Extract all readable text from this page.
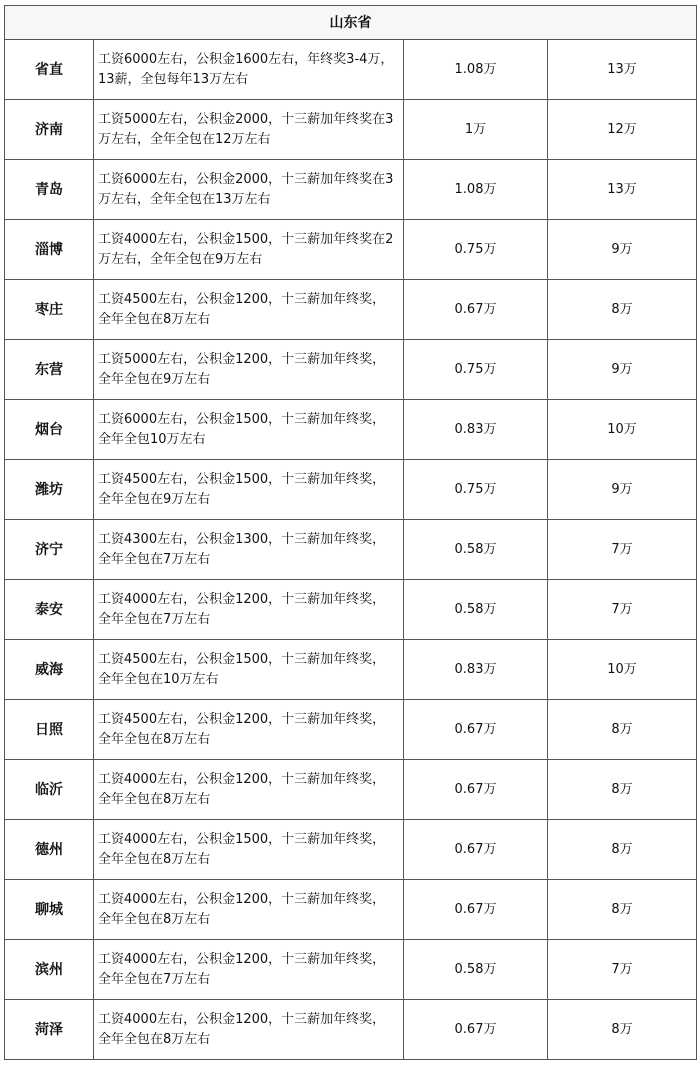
山东省			
省直	工资6000左右，公积金1600左右，年终奖3-4万，13薪，全包每年13万左右	1.08万	13万
济南	工资5000左右，公积金2000，十三薪加年终奖在3万左右，全年全包在12万左右	1万	12万
青岛	工资6000左右，公积金2000，十三薪加年终奖在3万左右，全年全包在13万左右	1.08万	13万
淄博	工资4000左右，公积金1500，十三薪加年终奖在2万左右，全年全包在9万左右	0.75万	9万
枣庄	工资4500左右，公积金1200，十三薪加年终奖，全年全包在8万左右	0.67万	8万
东营	工资5000左右，公积金1200，十三薪加年终奖，全年全包在9万左右	0.75万	9万
烟台	工资6000左右，公积金1500，十三薪加年终奖，全年全包10万左右	0.83万	10万
潍坊	工资4500左右，公积金1500，十三薪加年终奖，全年全包在9万左右	0.75万	9万
济宁	工资4300左右，公积金1300，十三薪加年终奖，全年全包在7万左右	0.58万	7万
泰安	工资4000左右，公积金1200，十三薪加年终奖，全年全包在7万左右	0.58万	7万
威海	工资4500左右，公积金1500，十三薪加年终奖，全年全包在10万左右	0.83万	10万
日照	工资4500左右，公积金1200，十三薪加年终奖，全年全包在8万左右	0.67万	8万
临沂	工资4000左右，公积金1200，十三薪加年终奖，全年全包在8万左右	0.67万	8万
德州	工资4000左右，公积金1500，十三薪加年终奖，全年全包在8万左右	0.67万	8万
聊城	工资4000左右，公积金1200，十三薪加年终奖，全年全包在8万左右	0.67万	8万
滨州	工资4000左右，公积金1200，十三薪加年终奖，全年全包在7万左右	0.58万	7万
菏泽	工资4000左右，公积金1200，十三薪加年终奖，全年全包在8万左右	0.67万	8万
